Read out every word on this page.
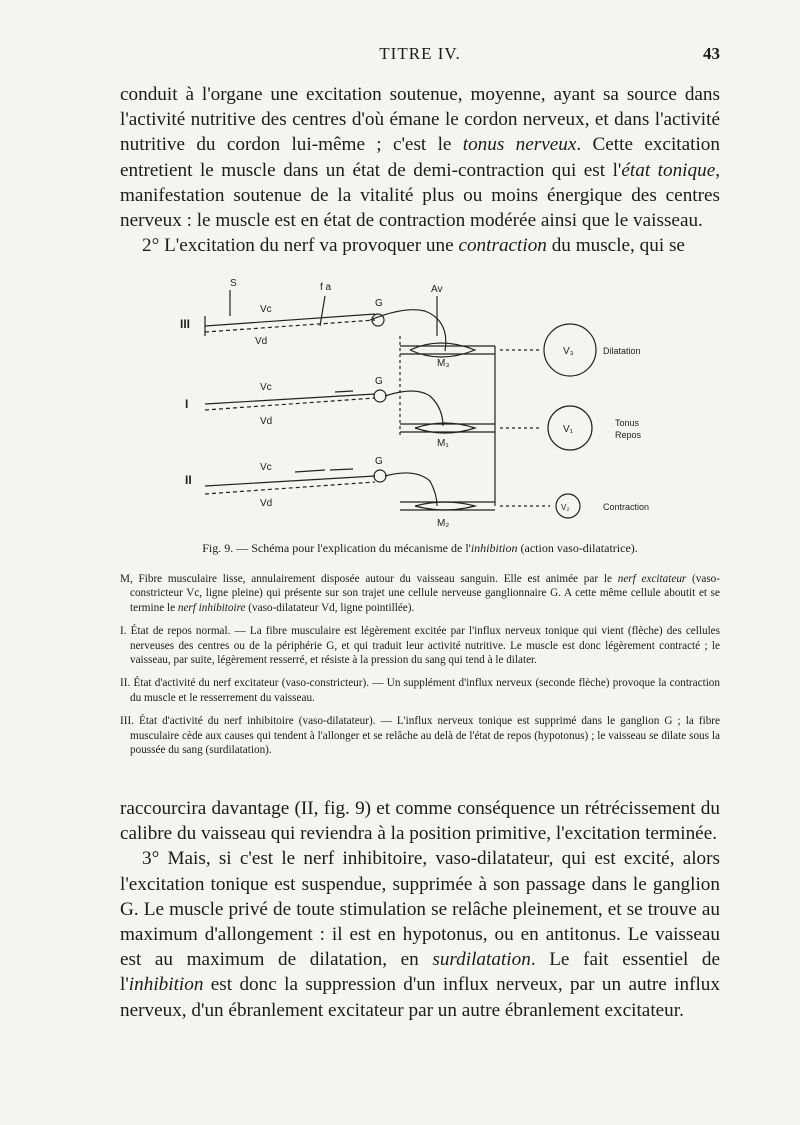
TITRE IV.	43

conduit à l'organe une excitation soutenue, moyenne, ayant sa source dans l'activité nutritive des centres d'où émane le cordon nerveux, et dans l'activité nutritive du cordon lui-même ; c'est le tonus nerveux. Cette excitation entretient le muscle dans un état de demi-contraction qui est l'état tonique, manifestation soutenue de la vitalité plus ou moins énergique des centres nerveux : le muscle est en état de contraction modérée ainsi que le vaisseau.

2° L'excitation du nerf va provoquer une contraction du muscle, qui se

S	f a	Av
III
Vc
Vd
G
M₃
V₃	Dilatation
I
Vc
Vd
G
M₁
V₁
Tonus
Repos
II
Vc
Vd
G
M₂
V₂	Contraction
Fig. 9. — Schéma pour l'explication du mécanisme de l'inhibition (action vaso-dilatatrice).

M, Fibre musculaire lisse, annulairement disposée autour du vaisseau sanguin. Elle est animée par le nerf excitateur (vaso-constricteur Vc, ligne pleine) qui présente sur son trajet une cellule nerveuse ganglionnaire G. A cette même cellule aboutit et se termine le nerf inhibitoire (vaso-dilatateur Vd, ligne pointillée).

I. État de repos normal. — La fibre musculaire est légèrement excitée par l'influx nerveux tonique qui vient (flèche) des cellules nerveuses des centres ou de la périphérie G, et qui traduit leur activité nutritive. Le muscle est donc légèrement contracté ; le vaisseau, par suite, légèrement resserré, et résiste à la pression du sang qui tend à le dilater.

II. État d'activité du nerf excitateur (vaso-constricteur). — Un supplément d'influx nerveux (seconde flèche) provoque la contraction du muscle et le resserrement du vaisseau.

III. État d'activité du nerf inhibitoire (vaso-dilatateur). — L'influx nerveux tonique est supprimé dans le ganglion G ; la fibre musculaire cède aux causes qui tendent à l'allonger et se relâche au delà de l'état de repos (hypotonus) ; le vaisseau se dilate sous la poussée du sang (surdilatation).

raccourcira davantage (II, fig. 9) et comme conséquence un rétrécissement du calibre du vaisseau qui reviendra à la position primitive, l'excitation terminée.

3° Mais, si c'est le nerf inhibitoire, vaso-dilatateur, qui est excité, alors l'excitation tonique est suspendue, supprimée à son passage dans le ganglion G. Le muscle privé de toute stimulation se relâche pleinement, et se trouve au maximum d'allongement : il est en hypotonus, ou en antitonus. Le vaisseau est au maximum de dilatation, en surdilatation. Le fait essentiel de l'inhibition est donc la suppression d'un influx nerveux, par un autre influx nerveux, d'un ébranlement excitateur par un autre ébranlement excitateur.
